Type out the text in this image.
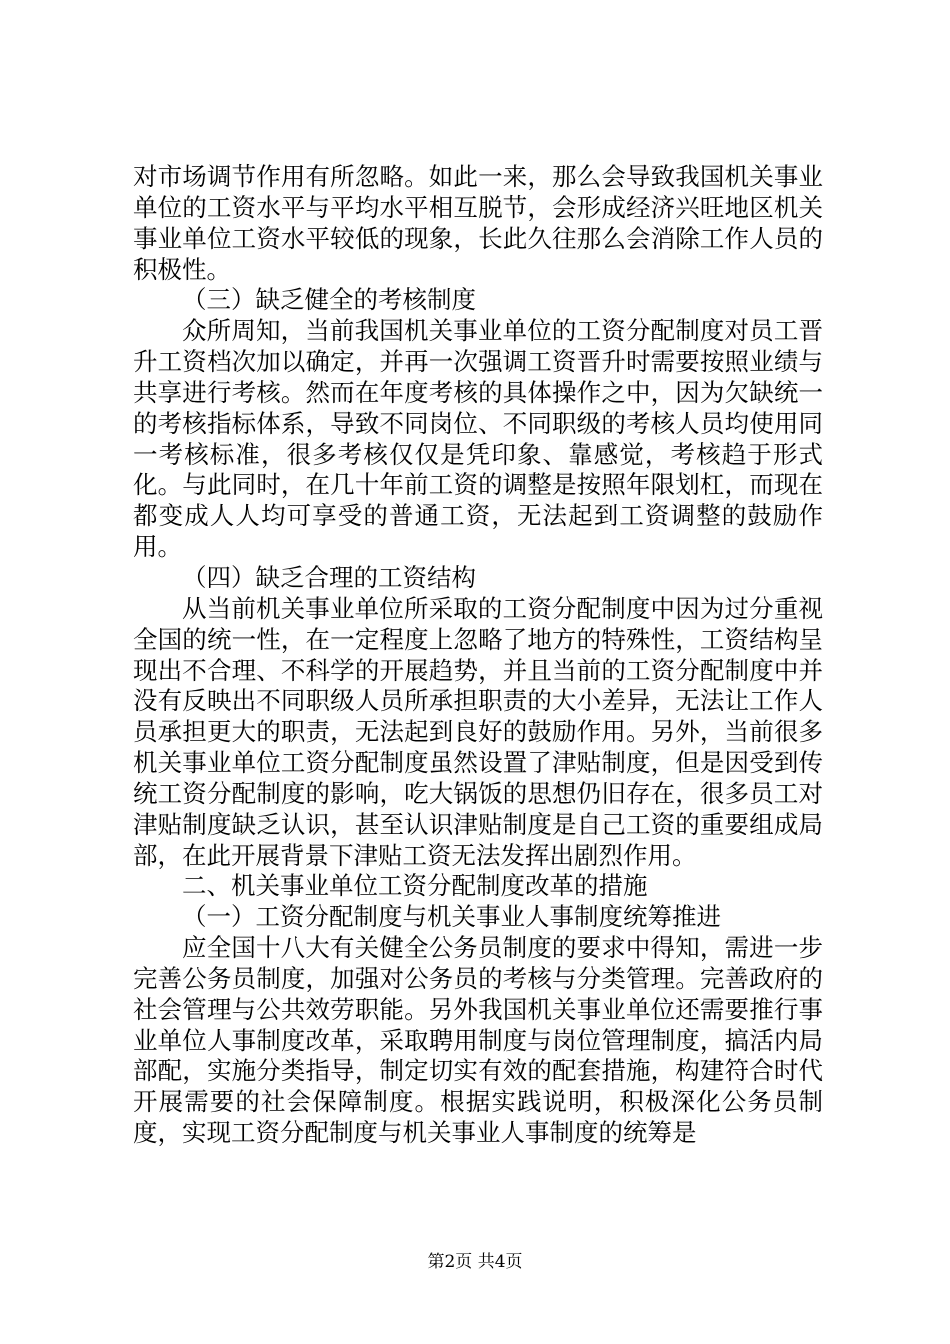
对市场调节作用有所忽略。如此一来，那么会导致我国机关事业单位的工资水平与平均水平相互脱节，会形成经济兴旺地区机关事业单位工资水平较低的现象，长此久往那么会消除工作人员的积极性。

（三）缺乏健全的考核制度

众所周知，当前我国机关事业单位的工资分配制度对员工晋升工资档次加以确定，并再一次强调工资晋升时需要按照业绩与共享进行考核。然而在年度考核的具体操作之中，因为欠缺统一的考核指标体系，导致不同岗位、不同职级的考核人员均使用同一考核标准，很多考核仅仅是凭印象、靠感觉，考核趋于形式化。与此同时，在几十年前工资的调整是按照年限划杠，而现在都变成人人均可享受的普通工资，无法起到工资调整的鼓励作用。

（四）缺乏合理的工资结构

从当前机关事业单位所采取的工资分配制度中因为过分重视全国的统一性，在一定程度上忽略了地方的特殊性，工资结构呈现出不合理、不科学的开展趋势，并且当前的工资分配制度中并没有反映出不同职级人员所承担职责的大小差异，无法让工作人员承担更大的职责，无法起到良好的鼓励作用。另外，当前很多机关事业单位工资分配制度虽然设置了津贴制度，但是因受到传统工资分配制度的影响，吃大锅饭的思想仍旧存在，很多员工对津贴制度缺乏认识，甚至认识津贴制度是自己工资的重要组成局部，在此开展背景下津贴工资无法发挥出剧烈作用。

二、机关事业单位工资分配制度改革的措施

（一）工资分配制度与机关事业人事制度统筹推进

应全国十八大有关健全公务员制度的要求中得知，需进一步完善公务员制度，加强对公务员的考核与分类管理。完善政府的社会管理与公共效劳职能。另外我国机关事业单位还需要推行事业单位人事制度改革，采取聘用制度与岗位管理制度，搞活内局部配，实施分类指导，制定切实有效的配套措施，构建符合时代开展需要的社会保障制度。根据实践说明，积极深化公务员制度，实现工资分配制度与机关事业人事制度的统筹是

第2页 共4页
